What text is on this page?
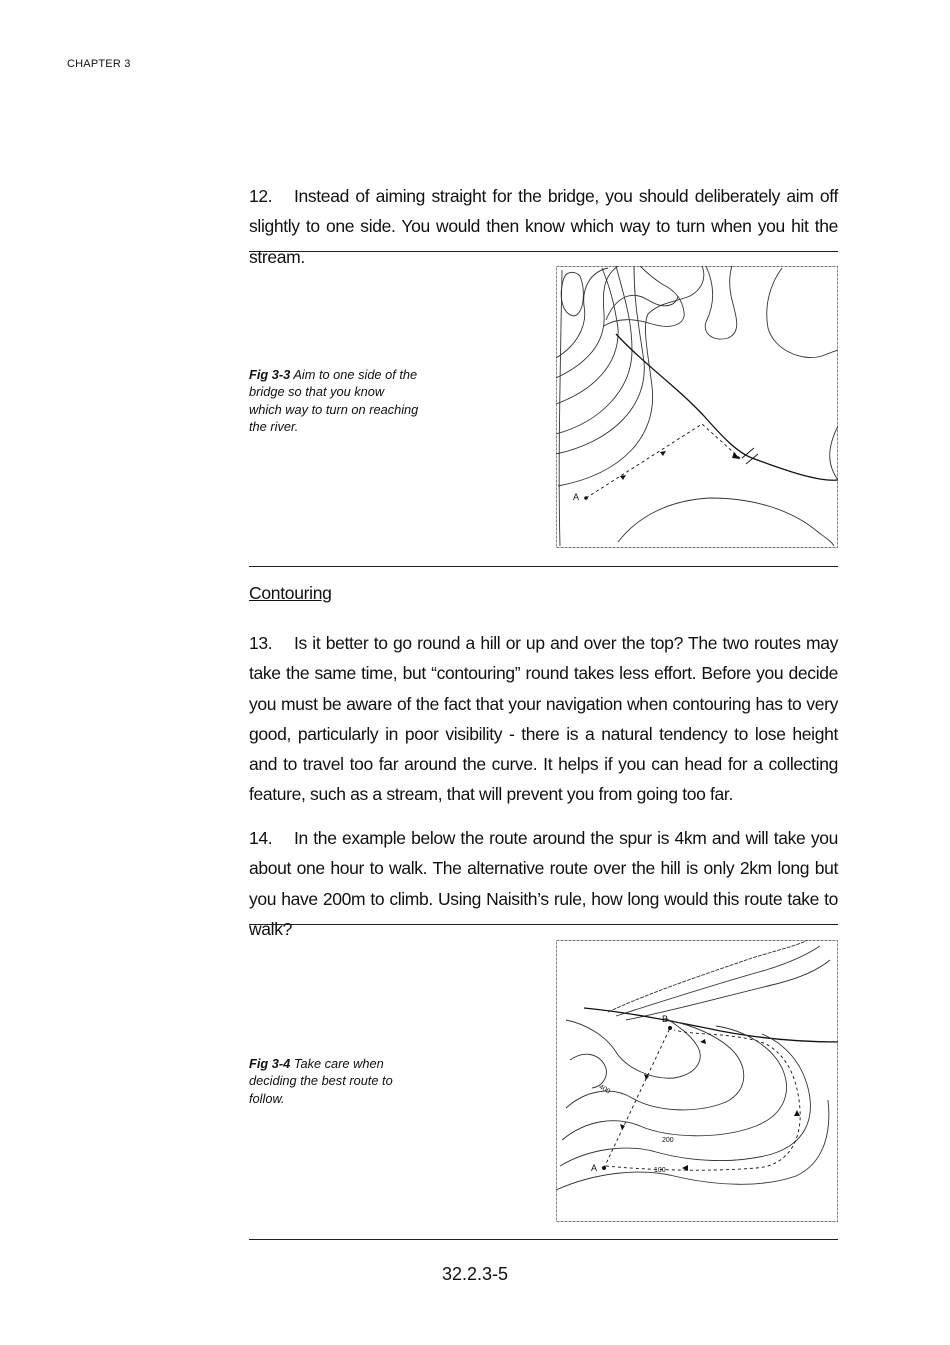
CHAPTER 3
12. Instead of aiming straight for the bridge, you should deliberately aim off slightly to one side. You would then know which way to turn when you hit the stream.
Fig 3-3 Aim to one side of the bridge so that you know which way to turn on reaching the river.
A
Contouring
13. Is it better to go round a hill or up and over the top? The two routes may take the same time, but “contouring” round takes less effort. Before you decide you must be aware of the fact that your navigation when contouring has to very good, particularly in poor visibility - there is a natural tendency to lose height and to travel too far around the curve. It helps if you can head for a collecting feature, such as a stream, that will prevent you from going too far.
14. In the example below the route around the spur is 4km and will take you about one hour to walk. The alternative route over the hill is only 2km long but you have 200m to climb. Using Naisith’s rule, how long would this route take to walk?
Fig 3-4 Take care when deciding the best route to follow.
A
B
100
200
400
32.2.3-5
